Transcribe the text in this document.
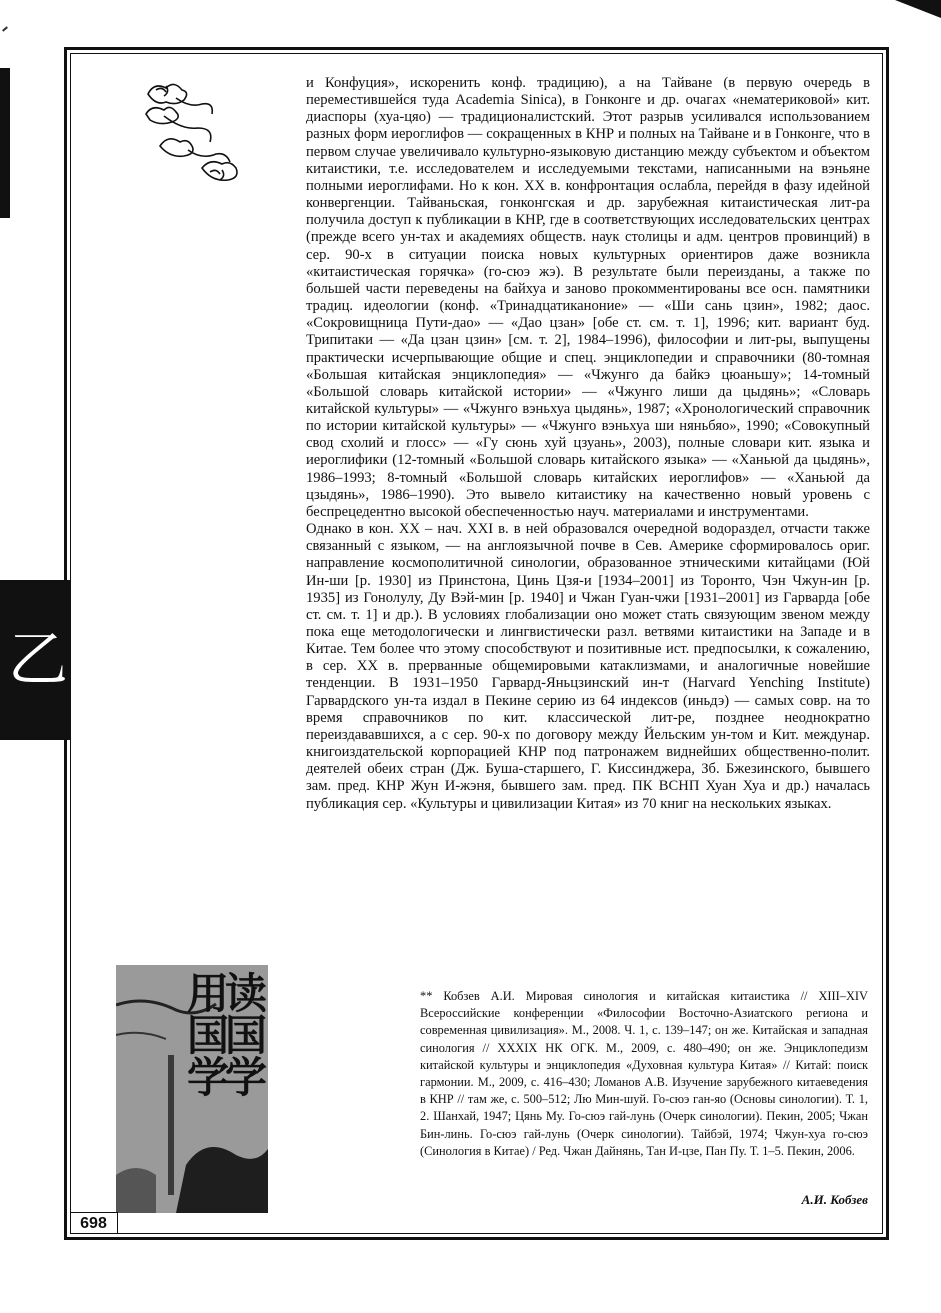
乙
读国学
用国学

и Конфуция», искоренить конф. традицию), а на Тайване (в первую очередь в переместившейся туда Academia Sinica), в Гонконге и др. очагах «нематериковой» кит. диаспоры (хуа-цяо) — традиционалистский. Этот разрыв усиливался использованием разных форм иероглифов — сокращенных в КНР и полных на Тайване и в Гонконге, что в первом случае увеличивало культурно-языковую дистанцию между субъектом и объектом китаистики, т.е. исследователем и исследуемыми текстами, написанными на вэньяне полными иероглифами. Но к кон. XX в. конфронтация ослабла, перейдя в фазу идейной конвергенции. Тайваньская, гонконгская и др. зарубежная китаистическая лит-ра получила доступ к публикации в КНР, где в соответствующих исследовательских центрах (прежде всего ун-тах и академиях обществ. наук столицы и адм. центров провинций) в сер. 90-х в ситуации поиска новых культурных ориентиров даже возникла «китаистическая горячка» (го-сюэ жэ). В результате были переизданы, а также по большей части переведены на байхуа и заново прокомментированы все осн. памятники традиц. идеологии (конф. «Тринадцатиканоние» — «Ши сань цзин», 1982; даос. «Сокровищница Пути-дао» — «Дао цзан» [обе ст. см. т. 1], 1996; кит. вариант буд. Трипитаки — «Да цзан цзин» [см. т. 2], 1984–1996), философии и лит-ры, выпущены практически исчерпывающие общие и спец. энциклопедии и справочники (80-томная «Большая китайская энциклопедия» — «Чжунго да байкэ цюаньшу»; 14-томный «Большой словарь китайской истории» — «Чжунго лиши да цыдянь»; «Словарь китайской культуры» — «Чжунго вэньхуа цыдянь», 1987; «Хронологический справочник по истории китайской культуры» — «Чжунго вэньхуа ши няньбяо», 1990; «Совокупный свод схолий и глосс» — «Гу сюнь хуй цзуань», 2003), полные словари кит. языка и иероглифики (12-томный «Большой словарь китайского языка» — «Ханьюй да цыдянь», 1986–1993; 8-томный «Большой словарь китайских иероглифов» — «Ханьюй да цзыдянь», 1986–1990). Это вывело китаистику на качественно новый уровень с беспрецедентно высокой обеспеченностью науч. материалами и инструментами.

Однако в кон. XX – нач. XXI в. в ней образовался очередной водораздел, отчасти также связанный с языком, — на англоязычной почве в Сев. Америке сформировалось ориг. направление космополитичной синологии, образованное этническими китайцами (Юй Ин-ши [р. 1930] из Принстона, Цинь Цзя-и [1934–2001] из Торонто, Чэн Чжун-ин [р. 1935] из Гонолулу, Ду Вэй-мин [р. 1940] и Чжан Гуан-чжи [1931–2001] из Гарварда [обе ст. см. т. 1] и др.). В условиях глобализации оно может стать связующим звеном между пока еще методологически и лингвистически разл. ветвями китаистики на Западе и в Китае. Тем более что этому способствуют и позитивные ист. предпосылки, к сожалению, в сер. XX в. прерванные общемировыми катаклизмами, и аналогичные новейшие тенденции. В 1931–1950 Гарвард-Яньцзинский ин-т (Harvard Yenching Institute) Гарвардского ун-та издал в Пекине серию из 64 индексов (иньдэ) — самых совр. на то время справочников по кит. классической лит-ре, позднее неоднократно переиздававшихся, а с сер. 90-х по договору между Йельским ун-том и Кит. междунар. книгоиздательской корпорацией КНР под патронажем виднейших общественно-полит. деятелей обеих стран (Дж. Буша-старшего, Г. Киссинджера, Зб. Бжезинского, бывшего зам. пред. КНР Жун И-жэня, бывшего зам. пред. ПК ВСНП Хуан Хуа и др.) началась публикация сер. «Культуры и цивилизации Китая» из 70 книг на нескольких языках.

** Кобзев А.И. Мировая синология и китайская китаистика // XIII–XIV Всероссийские конференции «Философии Восточно-Азиатского региона и современная цивилизация». М., 2008. Ч. 1, с. 139–147; он же. Китайская и западная синология // XXXIX НК ОГК. М., 2009, с. 480–490; он же. Энциклопедизм китайской культуры и энциклопедия «Духовная культура Китая» // Китай: поиск гармонии. М., 2009, с. 416–430; Ломанов А.В. Изучение зарубежного китаеведения в КНР // там же, с. 500–512; Лю Мин-шуй. Го-сюэ ган-яо (Основы синологии). Т. 1, 2. Шанхай, 1947; Цянь Му. Го-сюэ гай-лунь (Очерк синологии). Пекин, 2005; Чжан Бин-линь. Го-сюэ гай-лунь (Очерк синологии). Тайбэй, 1974; Чжун-хуа го-сюэ (Синология в Китае) / Ред. Чжан Дайнянь, Тан И-цзе, Пан Пу. Т. 1–5. Пекин, 2006.
А.И. Кобзев
698
